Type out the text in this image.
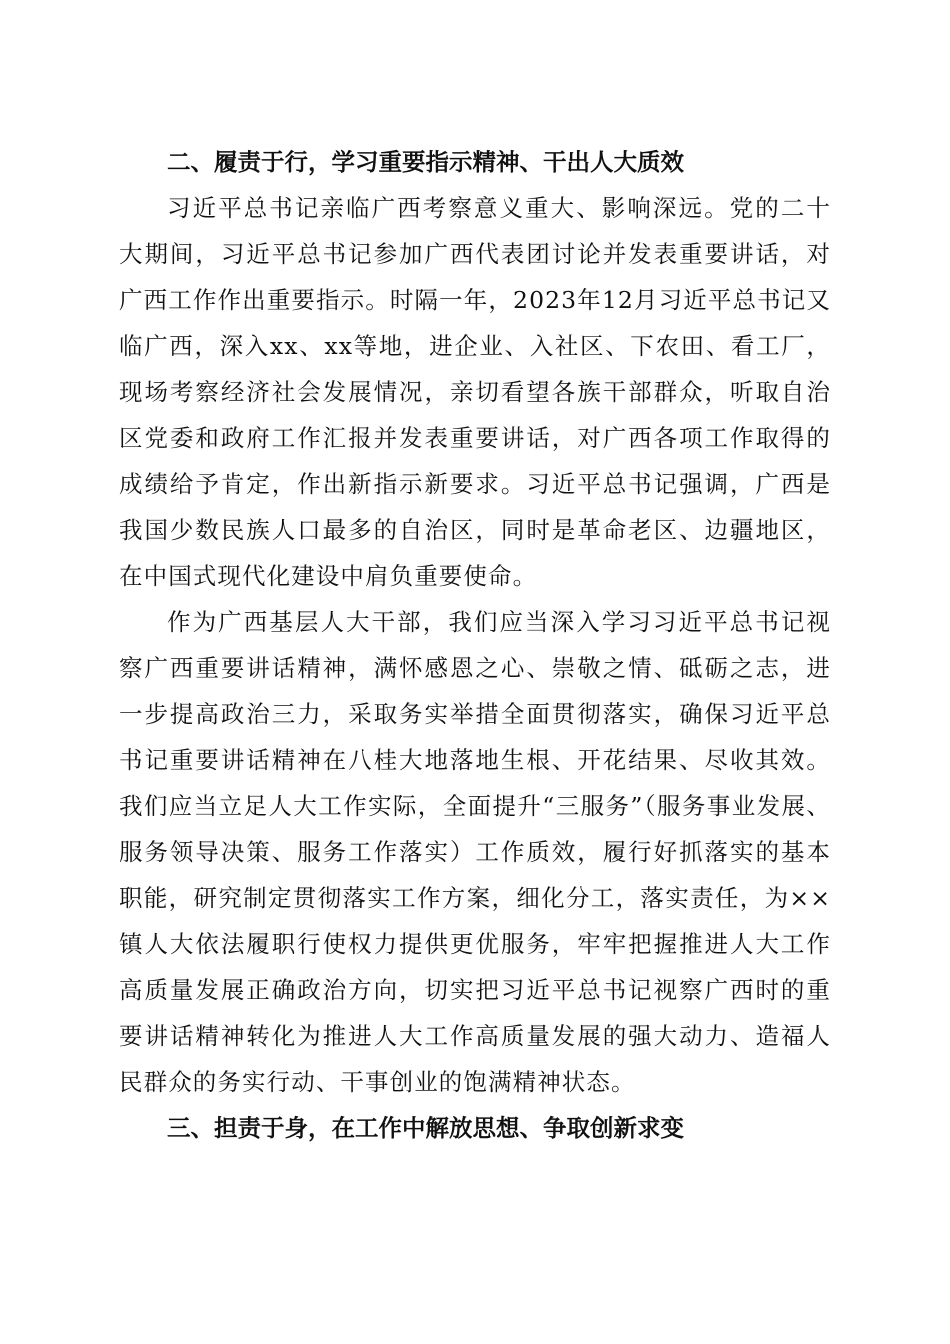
二、履责于行，学习重要指示精神、干出人大质效

习近平总书记亲临广西考察意义重大、影响深远。党的二十大期间，习近平总书记参加广西代表团讨论并发表重要讲话，对广西工作作出重要指示。时隔一年，2023年12月习近平总书记又临广西，深入xx、xx等地，进企业、入社区、下农田、看工厂，现场考察经济社会发展情况，亲切看望各族干部群众，听取自治区党委和政府工作汇报并发表重要讲话，对广西各项工作取得的成绩给予肯定，作出新指示新要求。习近平总书记强调，广西是我国少数民族人口最多的自治区，同时是革命老区、边疆地区，在中国式现代化建设中肩负重要使命。

作为广西基层人大干部，我们应当深入学习习近平总书记视察广西重要讲话精神，满怀感恩之心、崇敬之情、砥砺之志，进一步提高政治三力，采取务实举措全面贯彻落实，确保习近平总书记重要讲话精神在八桂大地落地生根、开花结果、尽收其效。我们应当立足人大工作实际，全面提升“三服务”（服务事业发展、服务领导决策、服务工作落实）工作质效，履行好抓落实的基本职能，研究制定贯彻落实工作方案，细化分工，落实责任，为××镇人大依法履职行使权力提供更优服务，牢牢把握推进人大工作高质量发展正确政治方向，切实把习近平总书记视察广西时的重要讲话精神转化为推进人大工作高质量发展的强大动力、造福人民群众的务实行动、干事创业的饱满精神状态。

三、担责于身，在工作中解放思想、争取创新求变
